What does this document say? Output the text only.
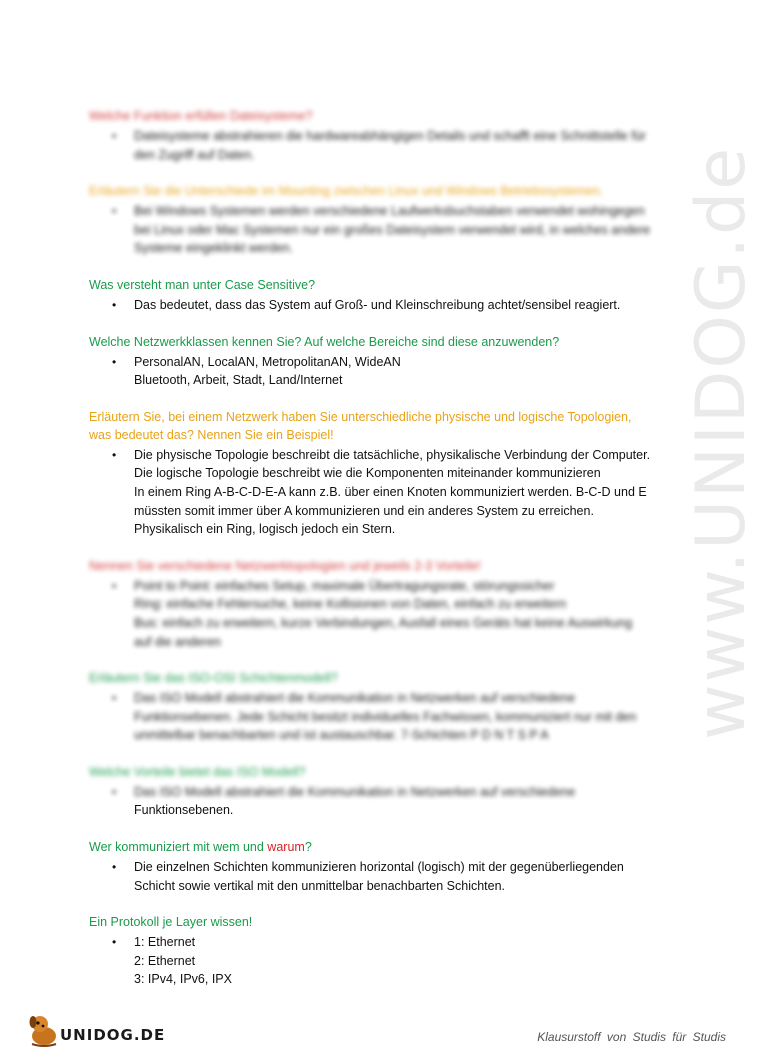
www.UNIDOG.de

Welche Funktion erfüllen Dateisysteme?

• Dateisysteme abstrahieren die hardwareabhängigen Details und schafft eine Schnittstelle für
den Zugriff auf Daten.

Erläutern Sie die Unterschiede im Mounting zwischen Linux und Windows Betriebssystemen.

• Bei Windows Systemen werden verschiedene Laufwerksbuchstaben verwendet wohingegen
bei Linux oder Mac Systemen nur ein großes Dateisystem verwendet wird, in welches andere
Systeme eingeklinkt werden.

Was versteht man unter Case Sensitive?

• Das bedeutet, dass das System auf Groß- und Kleinschreibung achtet/sensibel reagiert.

Welche Netzwerkklassen kennen Sie? Auf welche Bereiche sind diese anzuwenden?

• PersonalAN, LocalAN, MetropolitanAN, WideAN
Bluetooth, Arbeit, Stadt, Land/Internet

Erläutern Sie, bei einem Netzwerk haben Sie unterschiedliche physische und logische Topologien,
was bedeutet das? Nennen Sie ein Beispiel!

• Die physische Topologie beschreibt die tatsächliche, physikalische Verbindung der Computer.
Die logische Topologie beschreibt wie die Komponenten miteinander kommunizieren
In einem Ring A-B-C-D-E-A kann z.B. über einen Knoten kommuniziert werden. B-C-D und E
müssten somit immer über A kommunizieren und ein anderes System zu erreichen.
Physikalisch ein Ring, logisch jedoch ein Stern.

Nennen Sie verschiedene Netzwerktopologien und jeweils 2-3 Vorteile!

• Point to Point: einfaches Setup, maximale Übertragungsrate, störungssicher
Ring: einfache Fehlersuche, keine Kollisionen von Daten, einfach zu erweitern
Bus: einfach zu erweitern, kurze Verbindungen, Ausfall eines Geräts hat keine Auswirkung
auf die anderen

Erläutern Sie das ISO-OSI Schichtenmodell?

• Das ISO Modell abstrahiert die Kommunikation in Netzwerken auf verschiedene
Funktionsebenen. Jede Schicht besitzt individuelles Fachwissen, kommuniziert nur mit den
unmittelbar benachbarten und ist austauschbar. 7-Schichten P D N T S P A

Welche Vorteile bietet das ISO Modell?

• Das ISO Modell abstrahiert die Kommunikation in Netzwerken auf verschiedene
Funktionsebenen.

Wer kommuniziert mit wem und warum?

• Die einzelnen Schichten kommunizieren horizontal (logisch) mit der gegenüberliegenden
Schicht sowie vertikal mit den unmittelbar benachbarten Schichten.

Ein Protokoll je Layer wissen!

• 1: Ethernet
2: Ethernet
3: IPv4, IPv6, IPX
UNIDOG.DE	Klausurstoff von Studis für Studis
